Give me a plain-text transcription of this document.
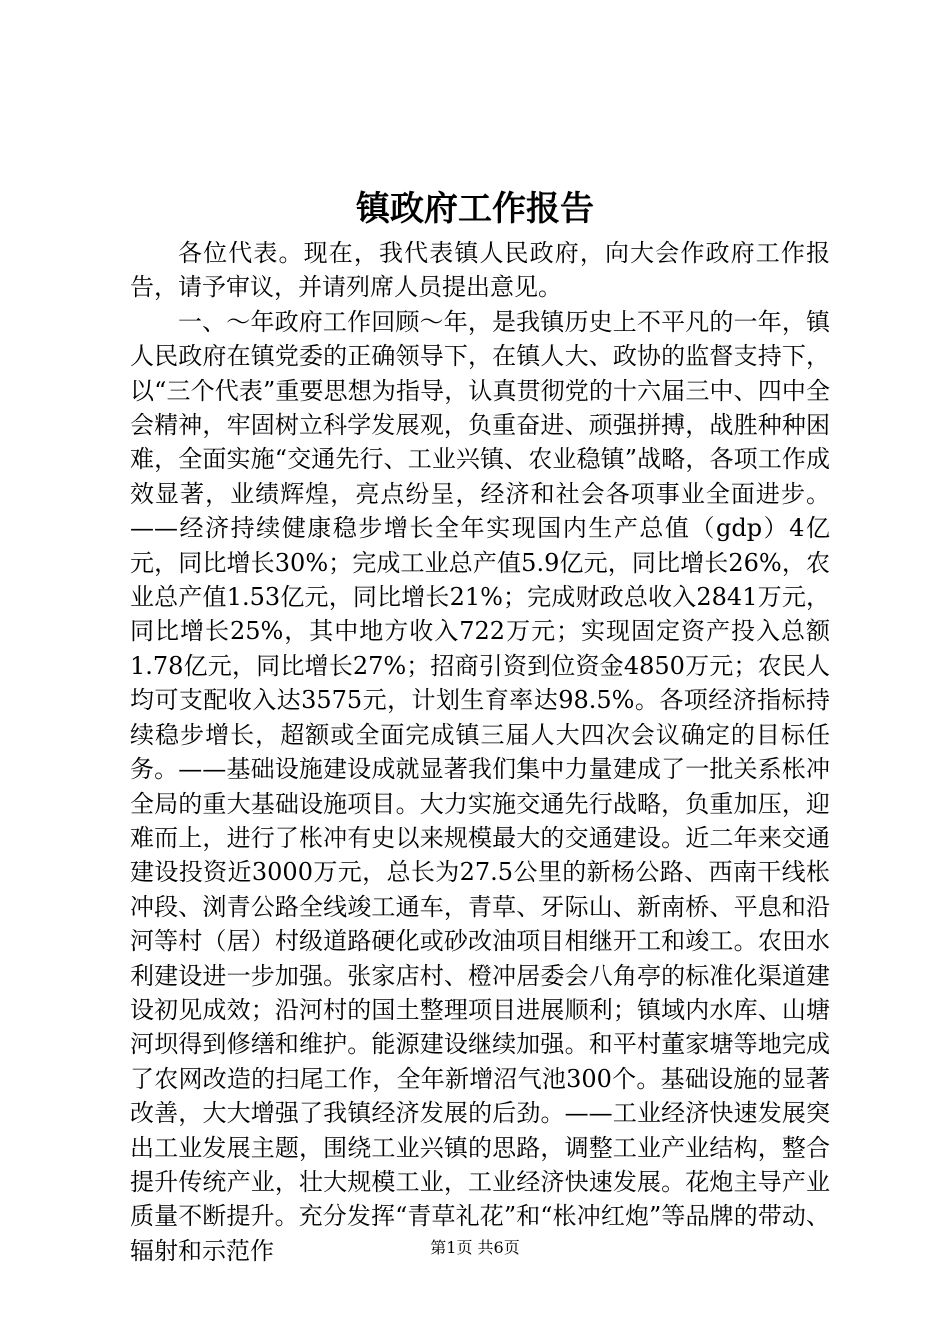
镇政府工作报告

各位代表。现在，我代表镇人民政府，向大会作政府工作报告，请予审议，并请列席人员提出意见。

一、～年政府工作回顾～年，是我镇历史上不平凡的一年，镇人民政府在镇党委的正确领导下，在镇人大、政协的监督支持下，以“三个代表”重要思想为指导，认真贯彻党的十六届三中、四中全会精神，牢固树立科学发展观，负重奋进、顽强拼搏，战胜种种困难，全面实施“交通先行、工业兴镇、农业稳镇”战略，各项工作成效显著，业绩辉煌，亮点纷呈，经济和社会各项事业全面进步。——经济持续健康稳步增长全年实现国内生产总值（gdp）4亿元，同比增长30%；完成工业总产值5.9亿元，同比增长26%，农业总产值1.53亿元，同比增长21%；完成财政总收入2841万元，同比增长25%，其中地方收入722万元；实现固定资产投入总额1.78亿元，同比增长27%；招商引资到位资金4850万元；农民人均可支配收入达3575元，计划生育率达98.5%。各项经济指标持续稳步增长，超额或全面完成镇三届人大四次会议确定的目标任务。——基础设施建设成就显著我们集中力量建成了一批关系枨冲全局的重大基础设施项目。大力实施交通先行战略，负重加压，迎难而上，进行了枨冲有史以来规模最大的交通建设。近二年来交通建设投资近3000万元，总长为27.5公里的新杨公路、西南干线枨冲段、浏青公路全线竣工通车，青草、牙际山、新南桥、平息和沿河等村（居）村级道路硬化或砂改油项目相继开工和竣工。农田水利建设进一步加强。张家店村、橙冲居委会八角亭的标准化渠道建设初见成效；沿河村的国土整理项目进展顺利；镇域内水库、山塘河坝得到修缮和维护。能源建设继续加强。和平村董家塘等地完成了农网改造的扫尾工作，全年新增沼气池300个。基础设施的显著改善，大大增强了我镇经济发展的后劲。——工业经济快速发展突出工业发展主题，围绕工业兴镇的思路，调整工业产业结构，整合提升传统产业，壮大规模工业，工业经济快速发展。花炮主导产业质量不断提升。充分发挥“青草礼花”和“枨冲红炮”等品牌的带动、辐射和示范作	第1页 共6页
